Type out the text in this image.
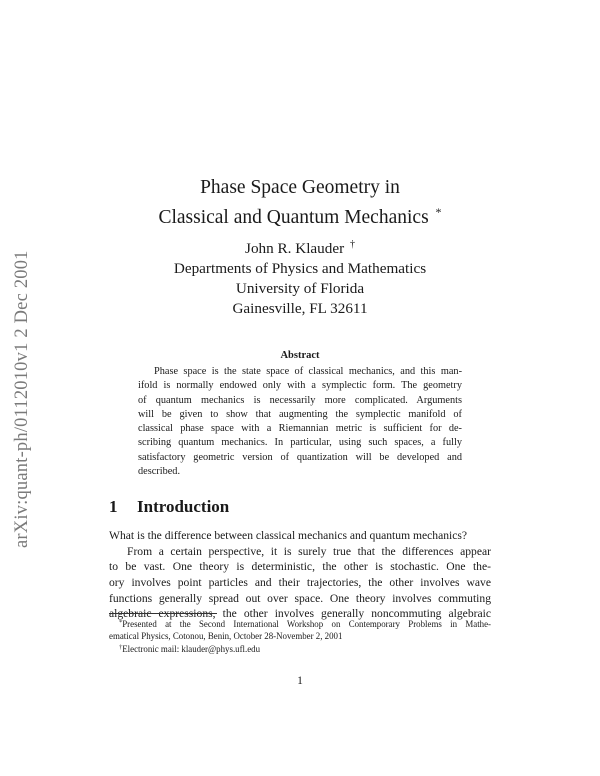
arXiv:quant-ph/0112010v1 2 Dec 2001
Phase Space Geometry in
Classical and Quantum Mechanics *
John R. Klauder †
Departments of Physics and Mathematics
University of Florida
Gainesville, FL 32611
Abstract
Phase space is the state space of classical mechanics, and this man-
ifold is normally endowed only with a symplectic form. The geometry
of quantum mechanics is necessarily more complicated. Arguments
will be given to show that augmenting the symplectic manifold of
classical phase space with a Riemannian metric is sufficient for de-
scribing quantum mechanics. In particular, using such spaces, a fully
satisfactory geometric version of quantization will be developed and
described.
1 Introduction
What is the difference between classical mechanics and quantum mechanics?
From a certain perspective, it is surely true that the differences appear
to be vast. One theory is deterministic, the other is stochastic. One the-
ory involves point particles and their trajectories, the other involves wave
functions generally spread out over space. One theory involves commuting
algebraic expressions, the other involves generally noncommuting algebraic
*Presented at the Second International Workshop on Contemporary Problems in Mathe-
ematical Physics, Cotonou, Benin, October 28-November 2, 2001
†Electronic mail: klauder@phys.ufl.edu
1
